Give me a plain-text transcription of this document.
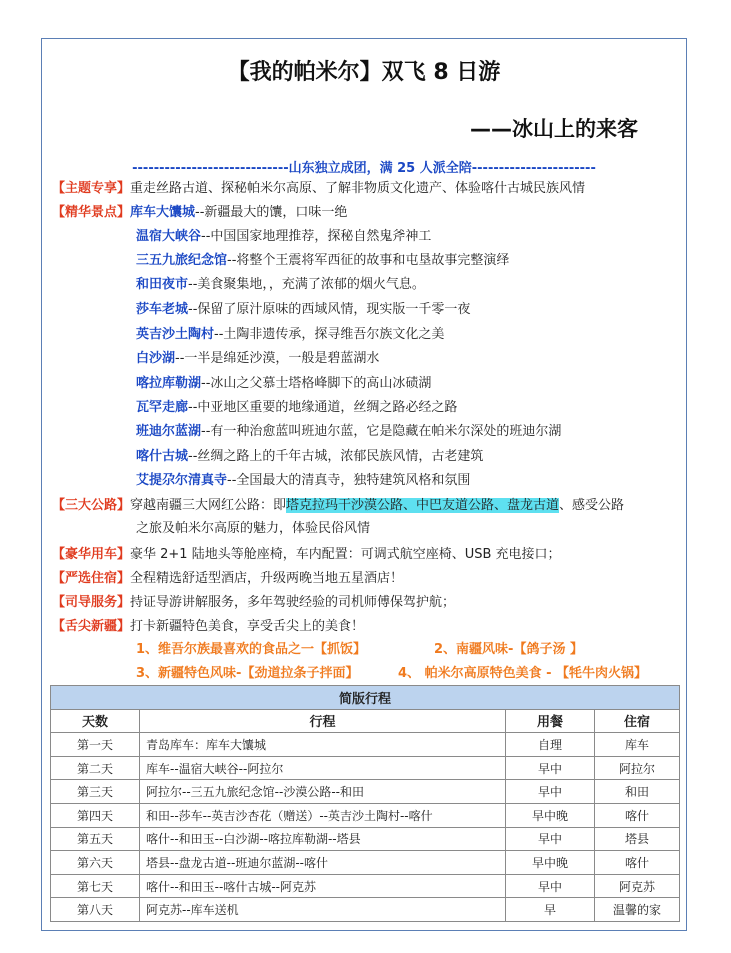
【我的帕米尔】双飞 8 日游
——冰山上的来客
-----------------------------山东独立成团，满 25 人派全陪-----------------------
【主题专享】重走丝路古道、探秘帕米尔高原、了解非物质文化遗产、体验喀什古城民族风情
【精华景点】库车大馕城--新疆最大的馕，口味一绝
温宿大峡谷--中国国家地理推荐，探秘自然鬼斧神工
三五九旅纪念馆--将整个王震将军西征的故事和屯垦故事完整演绎
和田夜市--美食聚集地，，充满了浓郁的烟火气息。
莎车老城--保留了原汁原味的西域风情，现实版一千零一夜
英吉沙土陶村--土陶非遗传承，探寻维吾尔族文化之美
白沙湖--一半是绵延沙漠，一般是碧蓝湖水
喀拉库勒湖--冰山之父慕士塔格峰脚下的高山冰碛湖
瓦罕走廊--中亚地区重要的地缘通道，丝绸之路必经之路
班迪尔蓝湖--有一种治愈蓝叫班迪尔蓝，它是隐藏在帕米尔深处的班迪尔湖
喀什古城--丝绸之路上的千年古城，浓郁民族风情，古老建筑
艾提尕尔清真寺--全国最大的清真寺，独特建筑风格和氛围
【三大公路】穿越南疆三大网红公路：即塔克拉玛干沙漠公路、中巴友道公路、盘龙古道、感受公路
之旅及帕米尔高原的魅力，体验民俗风情
【豪华用车】豪华 2+1 陆地头等舱座椅，车内配置：可调式航空座椅、USB 充电接口；
【严选住宿】全程精选舒适型酒店，升级两晚当地五星酒店！
【司导服务】持证导游讲解服务，多年驾驶经验的司机师傅保驾护航；
【舌尖新疆】打卡新疆特色美食，享受舌尖上的美食！
1、维吾尔族最喜欢的食品之一【抓饭】	2、南疆风味-【鸽子汤 】
3、新疆特色风味-【劲道拉条子拌面】	4、 帕米尔高原特色美食 - 【牦牛肉火锅】
简版行程			
天数	行程	用餐	住宿
第一天	青岛库车：库车大馕城	自理	库车
第二天	库车--温宿大峡谷--阿拉尔	早中	阿拉尔
第三天	阿拉尔--三五九旅纪念馆--沙漠公路--和田	早中	和田
第四天	和田--莎车--英吉沙杏花（赠送）--英吉沙土陶村--喀什	早中晚	喀什
第五天	喀什--和田玉--白沙湖--喀拉库勒湖--塔县	早中	塔县
第六天	塔县--盘龙古道--班迪尔蓝湖--喀什	早中晚	喀什
第七天	喀什--和田玉--喀什古城--阿克苏	早中	阿克苏
第八天	阿克苏--库车送机	早	温馨的家
